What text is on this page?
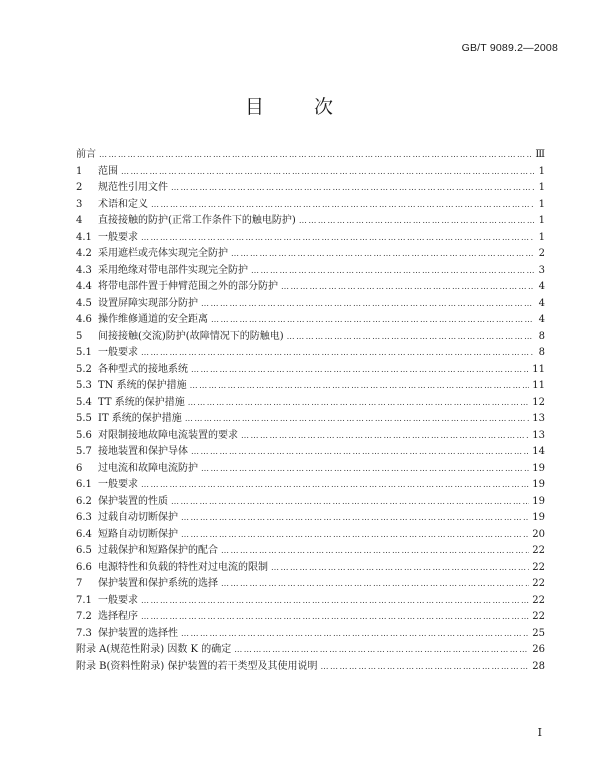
GB/T 9089.2—2008
目 次
前言 …………………………………………………………………………………………………………………………………………	Ⅲ
1	范围 …………………………………………………………………………………………………………………………………………	1
2	规范性引用文件 …………………………………………………………………………………………………………………………………………	1
3	术语和定义 …………………………………………………………………………………………………………………………………………	1
4	直接接触的防护(正常工作条件下的触电防护) …………………………………………………………………………………………………………………………………………	1
4.1 一般要求 …………………………………………………………………………………………………………………………………………	1
4.2 采用遮栏或壳体实现完全防护 …………………………………………………………………………………………………………………………………………	2
4.3 采用绝缘对带电部件实现完全防护 …………………………………………………………………………………………………………………………………………	3
4.4 将带电部件置于伸臂范围之外的部分防护 …………………………………………………………………………………………………………………………………………	4
4.5 设置屏障实现部分防护 …………………………………………………………………………………………………………………………………………	4
4.6 操作维修通道的安全距离 …………………………………………………………………………………………………………………………………………	4
5	间接接触(交流)防护(故障情况下的防触电) …………………………………………………………………………………………………………………………………………	8
5.1 一般要求 …………………………………………………………………………………………………………………………………………	8
5.2 各种型式的接地系统 …………………………………………………………………………………………………………………………………………	11
5.3 TN 系统的保护措施 …………………………………………………………………………………………………………………………………………	11
5.4 TT 系统的保护措施 …………………………………………………………………………………………………………………………………………	12
5.5 IT 系统的保护措施 …………………………………………………………………………………………………………………………………………	13
5.6 对限制接地故障电流装置的要求 …………………………………………………………………………………………………………………………………………	13
5.7 接地装置和保护导体 …………………………………………………………………………………………………………………………………………	14
6	过电流和故障电流防护 …………………………………………………………………………………………………………………………………………	19
6.1 一般要求 …………………………………………………………………………………………………………………………………………	19
6.2 保护装置的性质 …………………………………………………………………………………………………………………………………………	19
6.3 过载自动切断保护 …………………………………………………………………………………………………………………………………………	19
6.4 短路自动切断保护 …………………………………………………………………………………………………………………………………………	20
6.5 过载保护和短路保护的配合 …………………………………………………………………………………………………………………………………………	22
6.6 电源特性和负载的特性对过电流的限制 …………………………………………………………………………………………………………………………………………	22
7	保护装置和保护系统的选择 …………………………………………………………………………………………………………………………………………	22
7.1 一般要求 …………………………………………………………………………………………………………………………………………	22
7.2 选择程序 …………………………………………………………………………………………………………………………………………	22
7.3 保护装置的选择性 …………………………………………………………………………………………………………………………………………	25
附录 A(规范性附录) 因数 K 的确定 …………………………………………………………………………………………………………………………………………	26
附录 B(资料性附录) 保护装置的若干类型及其使用说明 …………………………………………………………………………………………………………………………………………	28
I
